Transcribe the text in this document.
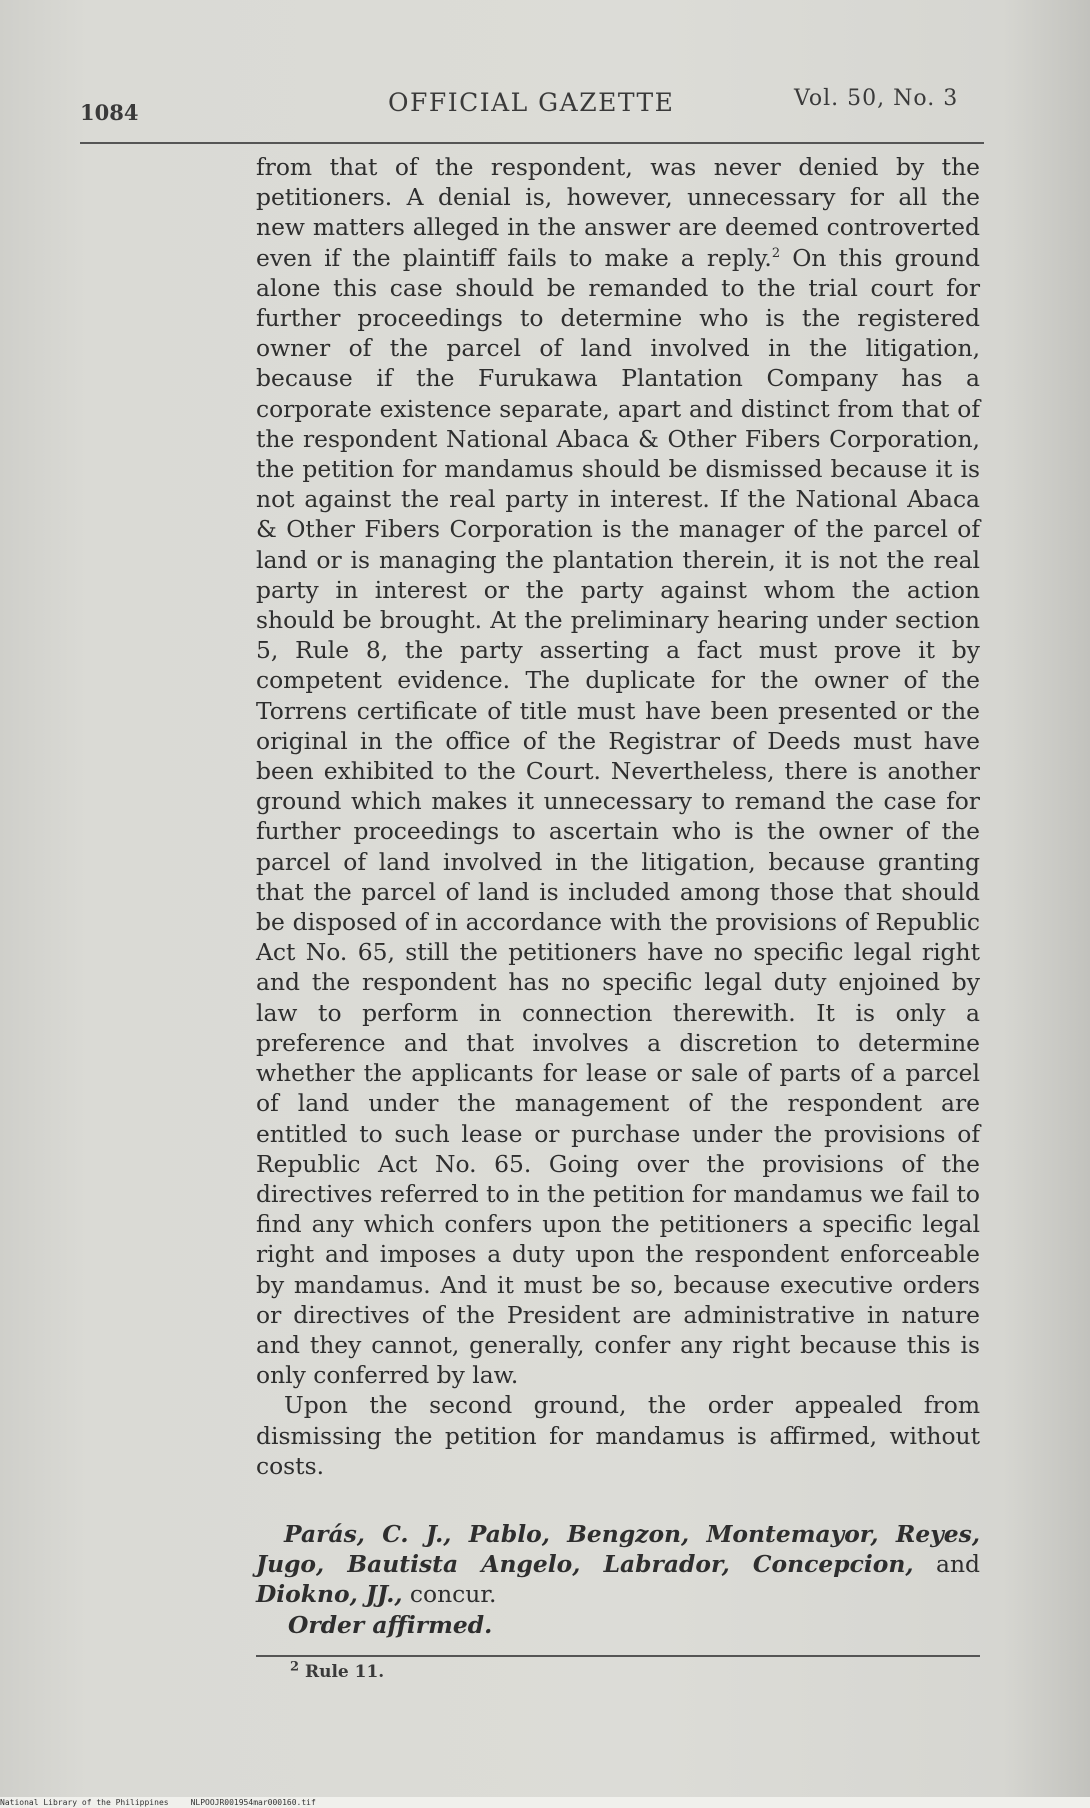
1084	OFFICIAL GAZETTE	Vol. 50, No. 3

from that of the respondent, was never denied by the petitioners. A denial is, however, unnecessary for all the new matters alleged in the answer are deemed controverted even if the plaintiff fails to make a reply.$^2$ On this ground alone this case should be remanded to the trial court for further proceedings to determine who is the registered owner of the parcel of land involved in the litigation, because if the Furukawa Plantation Company has a corporate existence separate, apart and distinct from that of the respondent National Abaca & Other Fibers Corporation, the petition for mandamus should be dismissed because it is not against the real party in interest. If the National Abaca & Other Fibers Corporation is the manager of the parcel of land or is managing the plantation therein, it is not the real party in interest or the party against whom the action should be brought. At the preliminary hearing under section 5, Rule 8, the party asserting a fact must prove it by competent evidence. The duplicate for the owner of the Torrens certificate of title must have been presented or the original in the office of the Registrar of Deeds must have been exhibited to the Court. Nevertheless, there is another ground which makes it unnecessary to remand the case for further proceedings to ascertain who is the owner of the parcel of land involved in the litigation, because granting that the parcel of land is included among those that should be disposed of in accordance with the provisions of Republic Act No. 65, still the petitioners have no specific legal right and the respondent has no specific legal duty enjoined by law to perform in connection therewith. It is only a preference and that involves a discretion to determine whether the applicants for lease or sale of parts of a parcel of land under the management of the respondent are entitled to such lease or purchase under the provisions of Republic Act No. 65. Going over the provisions of the directives referred to in the petition for mandamus we fail to find any which confers upon the petitioners a specific legal right and imposes a duty upon the respondent enforceable by mandamus. And it must be so, because executive orders or directives of the President are administrative in nature and they cannot, generally, confer any right because this is only conferred by law.

Upon the second ground, the order appealed from dismissing the petition for mandamus is affirmed, without costs.

Parás, C. J., Pablo, Bengzon, Montemayor, Reyes, Jugo, Bautista Angelo, Labrador, Concepcion, and Diokno, JJ., concur.
Order affirmed.
$^2$ Rule 11.
National Library of the Philippines	NLPOOJR001954mar000160.tif
